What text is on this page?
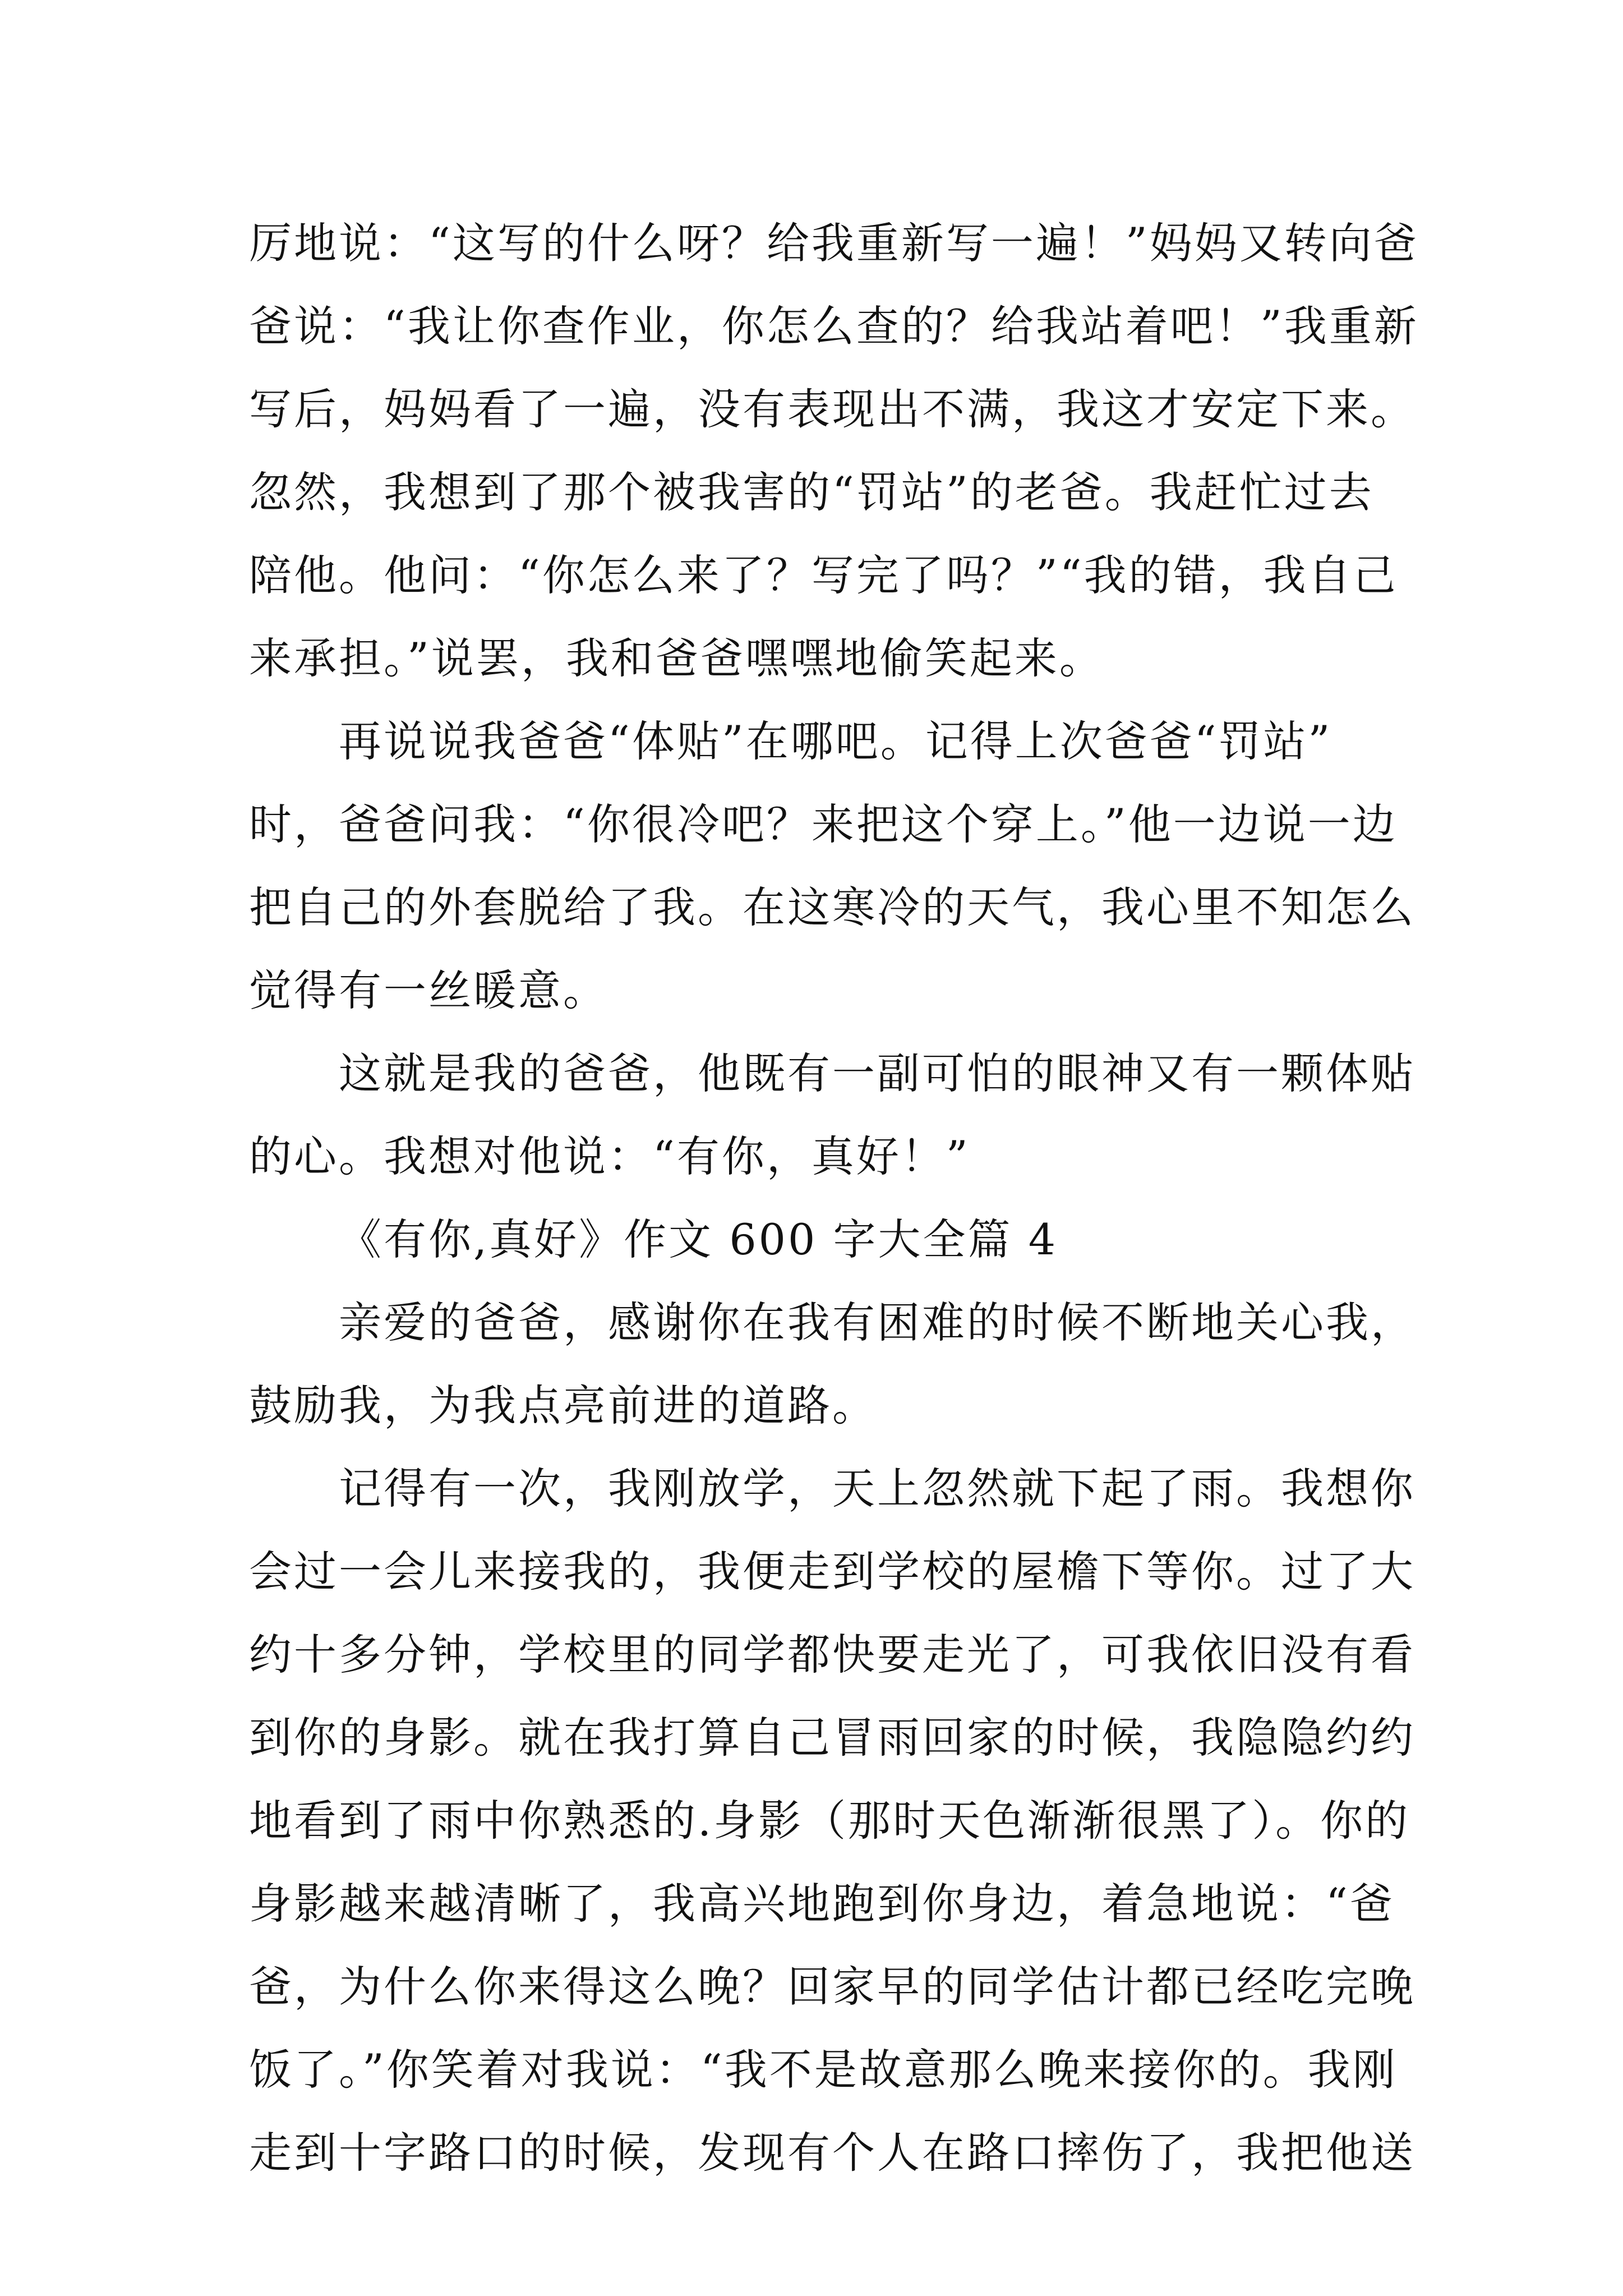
厉地说：“这写的什么呀？给我重新写一遍！”妈妈又转向爸
爸说：“我让你查作业，你怎么查的？给我站着吧！”我重新
写后，妈妈看了一遍，没有表现出不满，我这才安定下来。
忽然，我想到了那个被我害的“罚站”的老爸。我赶忙过去
陪他。他问：“你怎么来了？写完了吗？”“我的错，我自己
来承担。”说罢，我和爸爸嘿嘿地偷笑起来。
再说说我爸爸“体贴”在哪吧。记得上次爸爸“罚站”
时，爸爸问我：“你很冷吧？来把这个穿上。”他一边说一边
把自己的外套脱给了我。在这寒冷的天气，我心里不知怎么
觉得有一丝暖意。
这就是我的爸爸，他既有一副可怕的眼神又有一颗体贴
的心。我想对他说：“有你，真好！”
《有你,真好》作文 600 字大全篇 4
亲爱的爸爸，感谢你在我有困难的时候不断地关心我，
鼓励我，为我点亮前进的道路。
记得有一次，我刚放学，天上忽然就下起了雨。我想你
会过一会儿来接我的，我便走到学校的屋檐下等你。过了大
约十多分钟，学校里的同学都快要走光了，可我依旧没有看
到你的身影。就在我打算自己冒雨回家的时候，我隐隐约约
地看到了雨中你熟悉的.身影（那时天色渐渐很黑了）。你的
身影越来越清晰了，我高兴地跑到你身边，着急地说：“爸
爸，为什么你来得这么晚？回家早的同学估计都已经吃完晚
饭了。”你笑着对我说：“我不是故意那么晚来接你的。我刚
走到十字路口的时候，发现有个人在路口摔伤了，我把他送
